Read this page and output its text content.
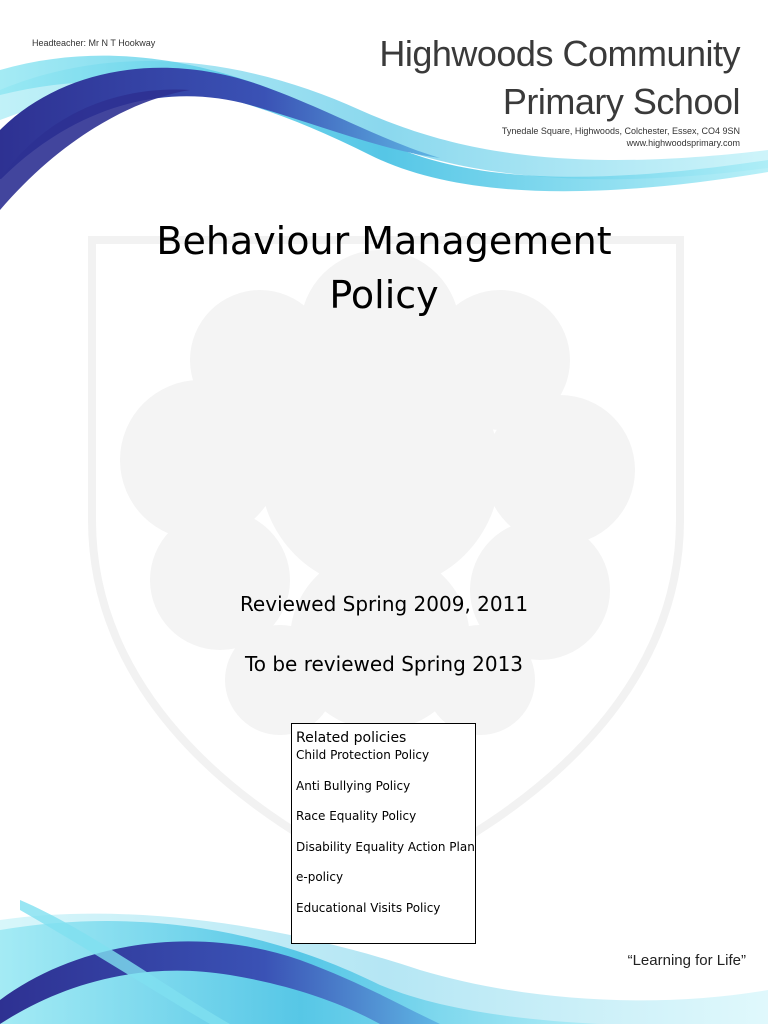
Headteacher: Mr N T Hookway	Highwoods Community
Primary School
Tynedale Square, Highwoods, Colchester, Essex, CO4 9SN
www.highwoodsprimary.com
Behaviour Management
Policy
Reviewed Spring 2009, 2011
To be reviewed Spring 2013
Related policies
Child Protection Policy
Anti Bullying Policy
Race Equality Policy
Disability Equality Action Plan
e-policy
Educational Visits Policy
“Learning for Life”
